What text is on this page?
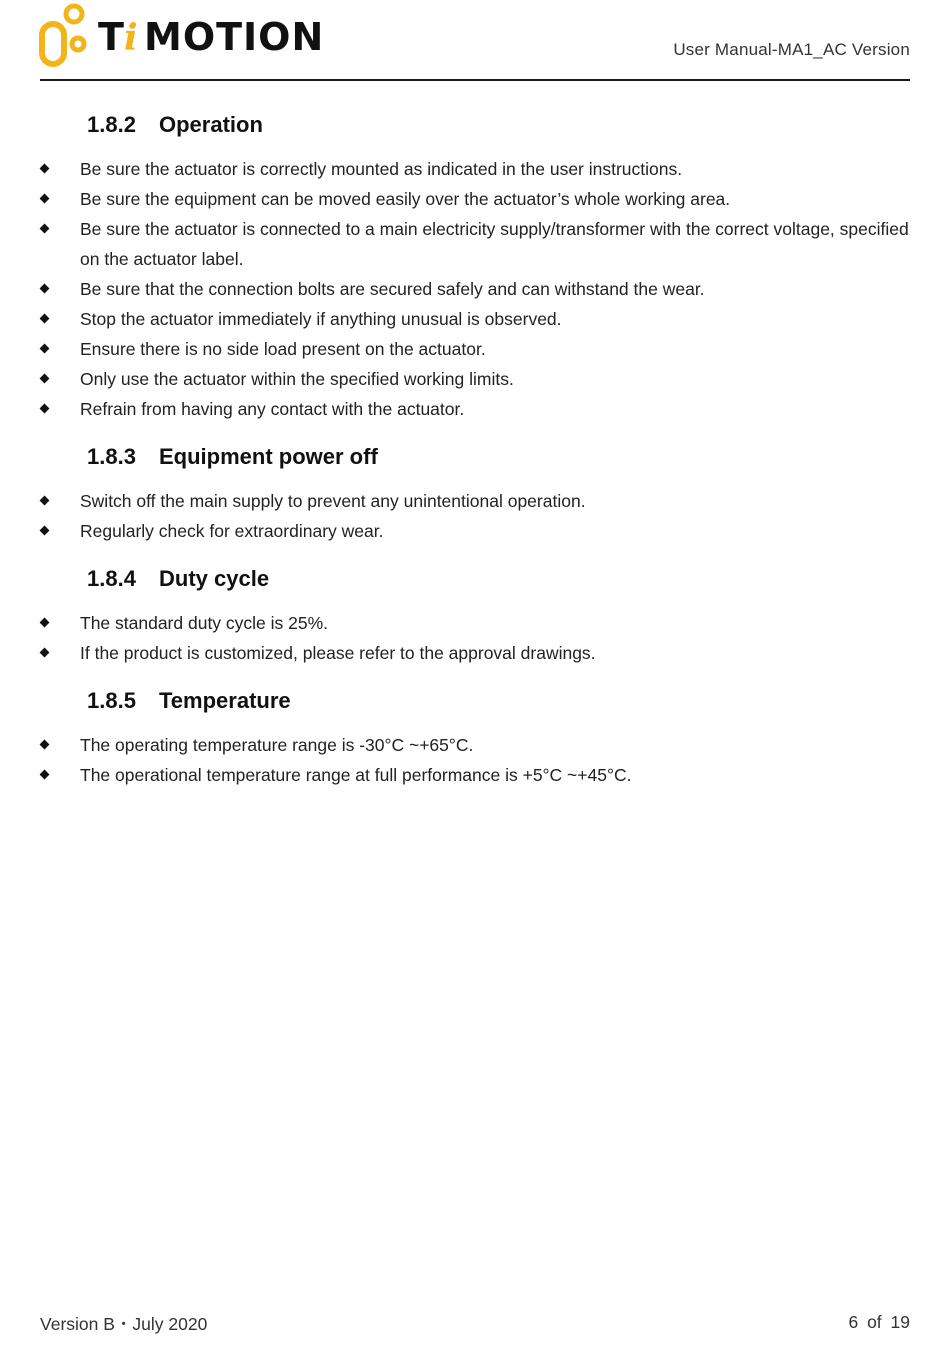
T i MOTION	User Manual-MA1_AC Version
1.8.2 Operation
Be sure the actuator is correctly mounted as indicated in the user instructions.
Be sure the equipment can be moved easily over the actuator’s whole working area.
Be sure the actuator is connected to a main electricity supply/transformer with the correct voltage, specified on the actuator label.
Be sure that the connection bolts are secured safely and can withstand the wear.
Stop the actuator immediately if anything unusual is observed.
Ensure there is no side load present on the actuator.
Only use the actuator within the specified working limits.
Refrain from having any contact with the actuator.
1.8.3 Equipment power off
Switch off the main supply to prevent any unintentional operation.
Regularly check for extraordinary wear.
1.8.4 Duty cycle
The standard duty cycle is 25%.
If the product is customized, please refer to the approval drawings.
1.8.5 Temperature
The operating temperature range is -30°C ~+65°C.
The operational temperature range at full performance is +5°C ~+45°C.
Version B・July 2020	6 of 19
